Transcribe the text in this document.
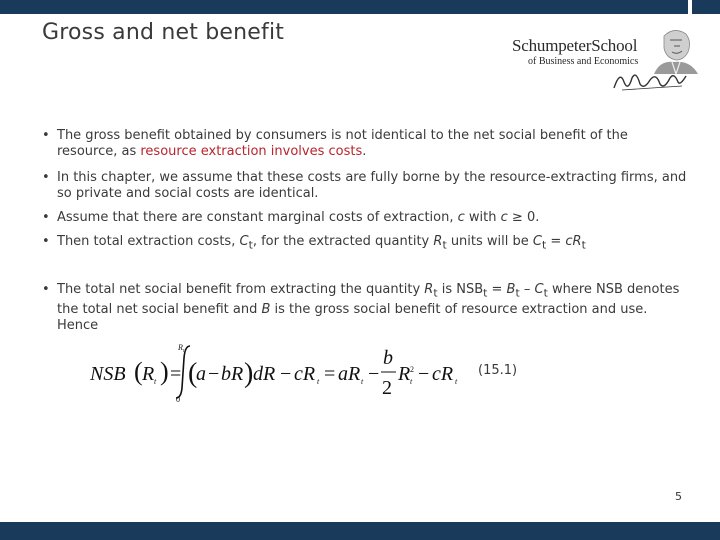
Gross and net benefit
SchumpeterSchool
of Business and Economics
• The gross benefit obtained by consumers is not identical to the net social benefit of the resource, as resource extraction involves costs.
• In this chapter, we assume that these costs are fully borne by the resource-extracting firms, and so private and social costs are identical.
• Assume that there are constant marginal costs of extraction, c with c ≥ 0.
• Then total extraction costs, $C_t$, for the extracted quantity $R_t$ units will be $C_t = cR_t$
• The total net social benefit from extracting the quantity $R_t$ is $NSB_t = B_t - C_t$ where NSB denotes the total net social benefit and B is the gross social benefit of resource extraction and use. Hence
NSB ( R t ) =
R t
0
(
a − bR ) dR − cR t = aR t −
b
2
R 2
t − cR t
(15.1)
5
